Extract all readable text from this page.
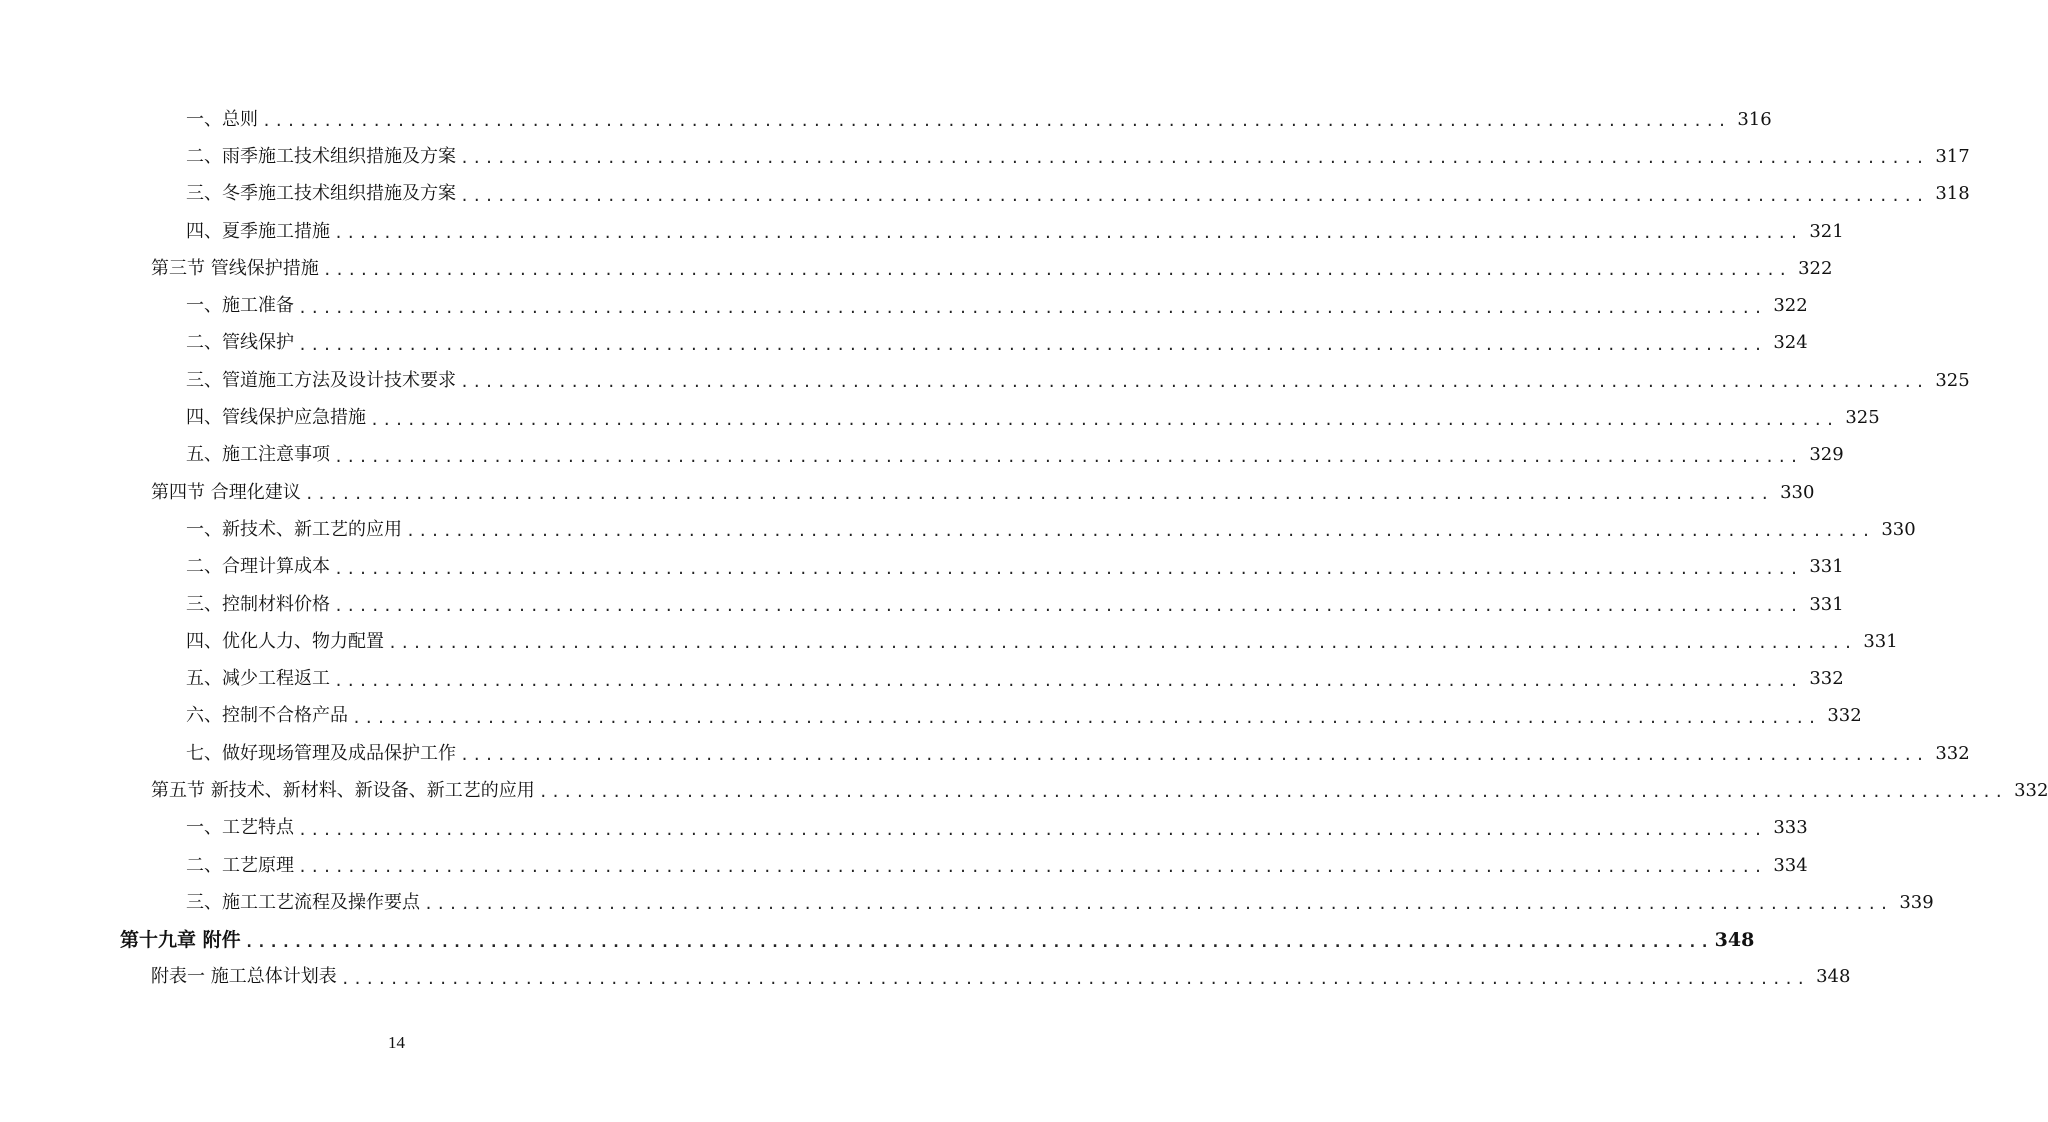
一、总则 ........................................................................................................................ 316
二、雨季施工技术组织措施及方案 ........................................................................................................................ 317
三、冬季施工技术组织措施及方案 ........................................................................................................................ 318
四、夏季施工措施 ........................................................................................................................ 321
第三节 管线保护措施 ........................................................................................................................ 322
一、施工准备 ........................................................................................................................ 322
二、管线保护 ........................................................................................................................ 324
三、管道施工方法及设计技术要求 ........................................................................................................................ 325
四、管线保护应急措施 ........................................................................................................................ 325
五、施工注意事项 ........................................................................................................................ 329
第四节 合理化建议 ........................................................................................................................ 330
一、新技术、新工艺的应用 ........................................................................................................................ 330
二、合理计算成本 ........................................................................................................................ 331
三、控制材料价格 ........................................................................................................................ 331
四、优化人力、物力配置 ........................................................................................................................ 331
五、减少工程返工 ........................................................................................................................ 332
六、控制不合格产品 ........................................................................................................................ 332
七、做好现场管理及成品保护工作 ........................................................................................................................ 332
第五节 新技术、新材料、新设备、新工艺的应用 ........................................................................................................................ 332
一、工艺特点 ........................................................................................................................ 333
二、工艺原理 ........................................................................................................................ 334
三、施工工艺流程及操作要点 ........................................................................................................................ 339
第十九章 附件 ........................................................................................................................ 348
附表一 施工总体计划表 ........................................................................................................................ 348
14
